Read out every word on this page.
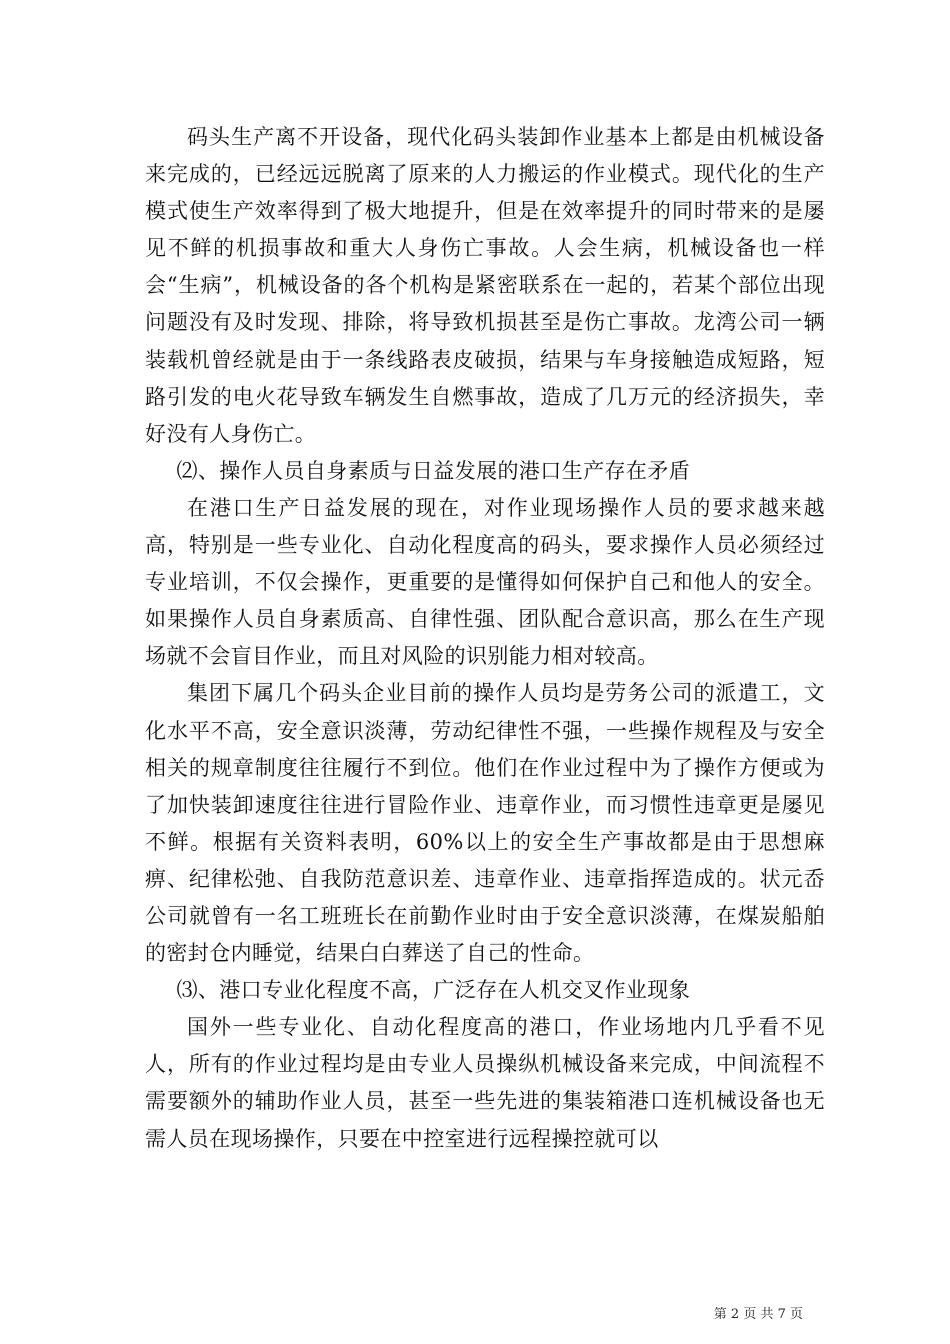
码头生产离不开设备，现代化码头装卸作业基本上都是由机械设备来完成的，已经远远脱离了原来的人力搬运的作业模式。现代化的生产模式使生产效率得到了极大地提升，但是在效率提升的同时带来的是屡见不鲜的机损事故和重大人身伤亡事故。人会生病，机械设备也一样会“生病”，机械设备的各个机构是紧密联系在一起的，若某个部位出现问题没有及时发现、排除，将导致机损甚至是伤亡事故。龙湾公司一辆装载机曾经就是由于一条线路表皮破损，结果与车身接触造成短路，短路引发的电火花导致车辆发生自燃事故，造成了几万元的经济损失，幸好没有人身伤亡。

⑵、操作人员自身素质与日益发展的港口生产存在矛盾

在港口生产日益发展的现在，对作业现场操作人员的要求越来越高，特别是一些专业化、自动化程度高的码头，要求操作人员必须经过专业培训，不仅会操作，更重要的是懂得如何保护自己和他人的安全。如果操作人员自身素质高、自律性强、团队配合意识高，那么在生产现场就不会盲目作业，而且对风险的识别能力相对较高。

集团下属几个码头企业目前的操作人员均是劳务公司的派遣工，文化水平不高，安全意识淡薄，劳动纪律性不强，一些操作规程及与安全相关的规章制度往往履行不到位。他们在作业过程中为了操作方便或为了加快装卸速度往往进行冒险作业、违章作业，而习惯性违章更是屡见不鲜。根据有关资料表明，60%以上的安全生产事故都是由于思想麻痹、纪律松弛、自我防范意识差、违章作业、违章指挥造成的。状元岙公司就曾有一名工班班长在前勤作业时由于安全意识淡薄，在煤炭船舶的密封仓内睡觉，结果白白葬送了自己的性命。

⑶、港口专业化程度不高，广泛存在人机交叉作业现象

国外一些专业化、自动化程度高的港口，作业场地内几乎看不见人，所有的作业过程均是由专业人员操纵机械设备来完成，中间流程不需要额外的辅助作业人员，甚至一些先进的集装箱港口连机械设备也无需人员在现场操作，只要在中控室进行远程操控就可以

第 2 页 共 7 页
